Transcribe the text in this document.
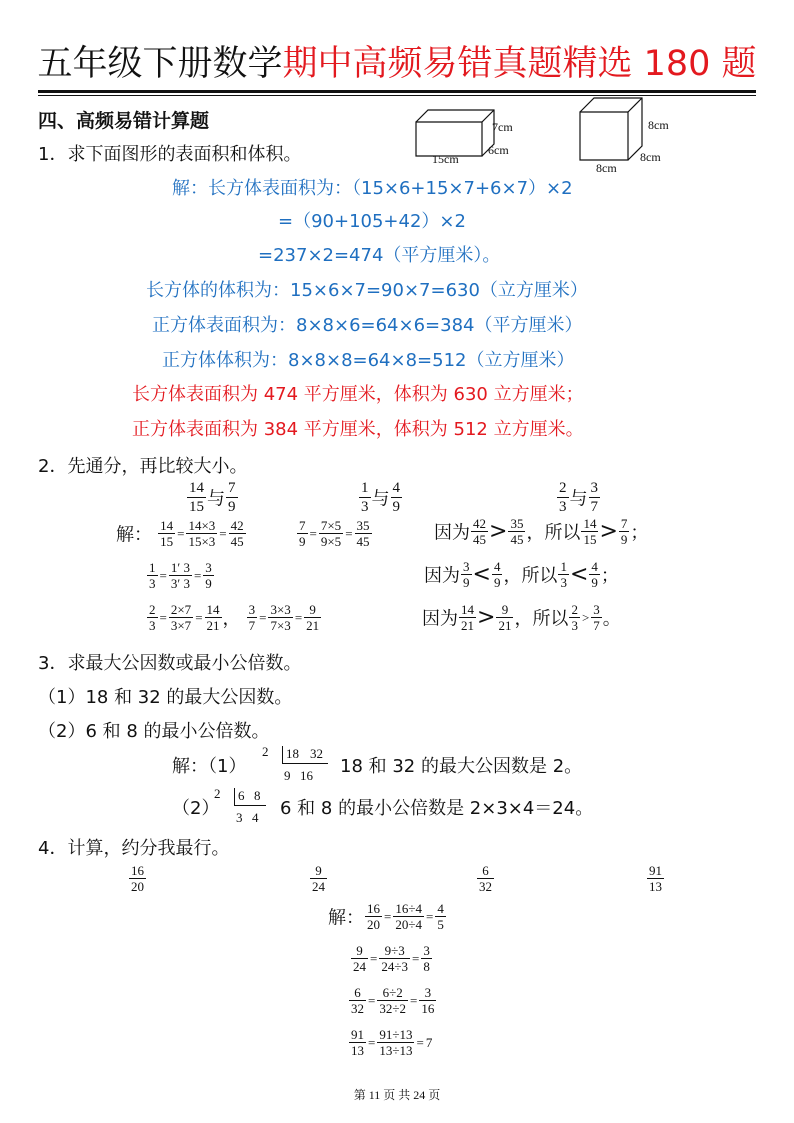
五年级下册数学期中高频易错真题精选 180 题
四、高频易错计算题
1．求下面图形的表面积和体积。
7cm
6cm
15cm
8cm
8cm
8cm
解：长方体表面积为：（15×6+15×7+6×7）×2
=（90+105+42）×2
=237×2=474（平方厘米）。
长方体的体积为：15×6×7=90×7=630（立方厘米）
正方体表面积为：8×8×6=64×6=384（平方厘米）
正方体体积为：8×8×8=64×8=512（立方厘米）
长方体表面积为 474 平方厘米，体积为 630 立方厘米；
正方体表面积为 384 平方厘米，体积为 512 立方厘米。
2．先通分，再比较大小。
$\frac{14}{15}$ 与 $\frac{7}{9}$	$\frac{1}{3}$ 与 $\frac{4}{9}$	$\frac{2}{3}$ 与 $\frac{3}{7}$
解： $\frac{14}{15} = \frac{14\times 3}{15\times 3} = \frac{42}{45}$	$\frac{7}{9} = \frac{7\times 5}{9\times 5} = \frac{35}{45}$	因为 $\frac{42}{45} > \frac{35}{45}$ ，所以 $\frac{14}{15} > \frac{7}{9}$ ；
$\frac{1}{3} = \frac{1' 3}{3' 3} = \frac{3}{9}$	因为 $\frac{3}{9} < \frac{4}{9}$ ，所以 $\frac{1}{3} < \frac{4}{9}$ ；
$\frac{2}{3} = \frac{2\times 7}{3\times 7} = \frac{14}{21}$ ， $\frac{3}{7} = \frac{3\times 3}{7\times 3} = \frac{9}{21}$	因为 $\frac{14}{21} > \frac{9}{21}$ ，所以 $\frac{2}{3} > \frac{3}{7}$ 。
3．求最大公因数或最小公倍数。
（1）18 和 32 的最大公因数。
（2）6 和 8 的最小公倍数。
解：（1）
2 18 32
9 16 18 和 32 的最大公因数是 2。
（2）
2 6 8
3 4 6 和 8 的最小公倍数是 2×3×4＝24。
4．计算，约分我最行。
$\frac{16}{20}$	$\frac{9}{24}$	$\frac{6}{32}$	$\frac{91}{13}$
解： $\frac{16}{20} = \frac{16\div 4}{20\div 4} = \frac{4}{5}$
$\frac{9}{24} = \frac{9\div 3}{24\div 3} = \frac{3}{8}$
$\frac{6}{32} = \frac{6\div 2}{32\div 2} = \frac{3}{16}$
$\frac{91}{13} = \frac{91\div 13}{13\div 13} = 7$
第 11 页 共 24 页
